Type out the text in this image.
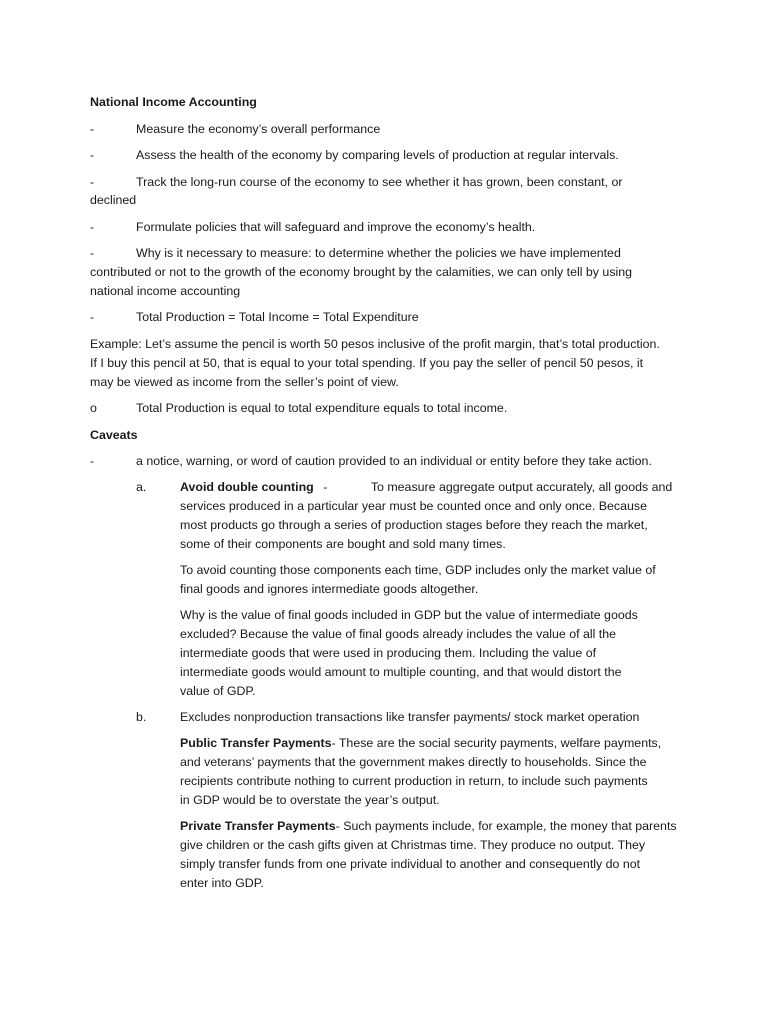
National Income Accounting
-	Measure the economy’s overall performance
-	Assess the health of the economy by comparing levels of production at regular intervals.
-	Track the long-run course of the economy to see whether it has grown, been constant, or
declined
-	Formulate policies that will safeguard and improve the economy’s health.
-	Why is it necessary to measure: to determine whether the policies we have implemented
contributed or not to the growth of the economy brought by the calamities, we can only tell by using
national income accounting
-	Total Production = Total Income = Total Expenditure
Example: Let’s assume the pencil is worth 50 pesos inclusive of the profit margin, that’s total production.
If I buy this pencil at 50, that is equal to your total spending. If you pay the seller of pencil 50 pesos, it
may be viewed as income from the seller’s point of view.
o	Total Production is equal to total expenditure equals to total income.
Caveats
-	a notice, warning, or word of caution provided to an individual or entity before they take action.
a.	Avoid double counting -	To measure aggregate output accurately, all goods and
services produced in a particular year must be counted once and only once. Because
most products go through a series of production stages before they reach the market,
some of their components are bought and sold many times.
To avoid counting those components each time, GDP includes only the market value of
final goods and ignores intermediate goods altogether.
Why is the value of final goods included in GDP but the value of intermediate goods
excluded? Because the value of final goods already includes the value of all the
intermediate goods that were used in producing them. Including the value of
intermediate goods would amount to multiple counting, and that would distort the
value of GDP.
b.	Excludes nonproduction transactions like transfer payments/ stock market operation
Public Transfer Payments- These are the social security payments, welfare payments,
and veterans’ payments that the government makes directly to households. Since the
recipients contribute nothing to current production in return, to include such payments
in GDP would be to overstate the year’s output.
Private Transfer Payments- Such payments include, for example, the money that parents
give children or the cash gifts given at Christmas time. They produce no output. They
simply transfer funds from one private individual to another and consequently do not
enter into GDP.
